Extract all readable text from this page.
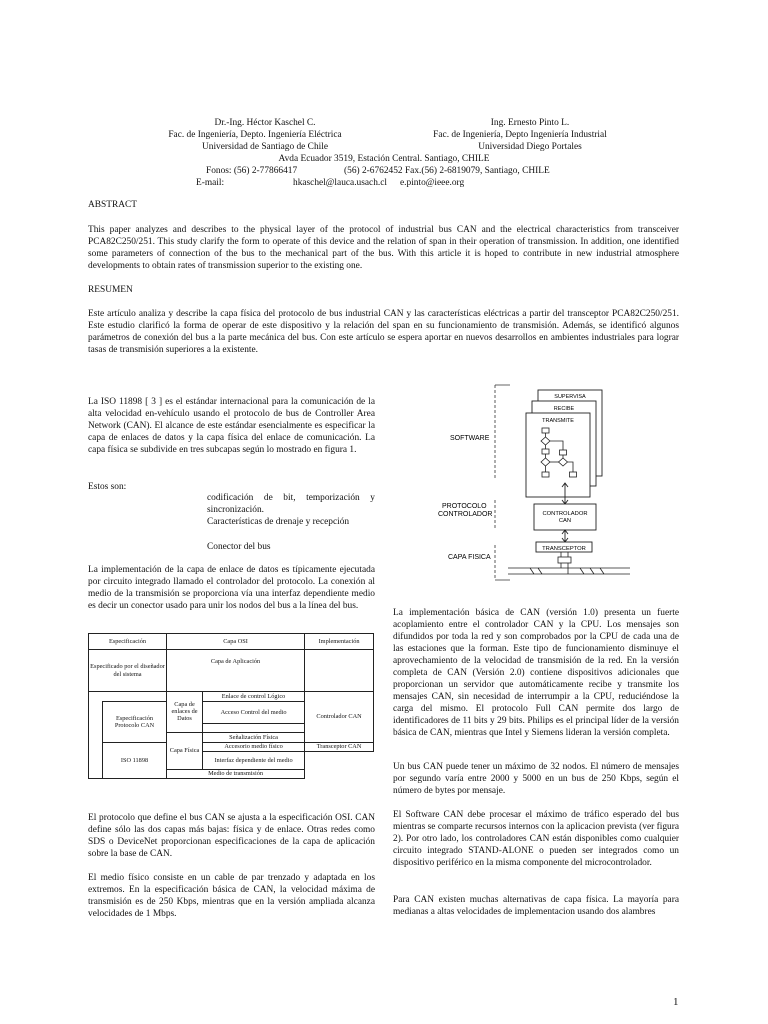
Dr.-Ing. Héctor Kaschel C.	Ing. Ernesto Pinto L.
Fac. de Ingeniería, Depto. Ingeniería Eléctrica	Fac. de Ingeniería, Depto Ingeniería Industrial
Universidad de Santiago de Chile	Universidad Diego Portales
Avda Ecuador 3519, Estación Central. Santiago, CHILE
Fonos: (56) 2-77866417                    (56) 2-6762452 Fax.(56) 2-6819079, Santiago, CHILE
E-mail:	hkaschel@lauca.usach.cl e.pinto@ieee.org
ABSTRACT

This paper analyzes and describes to the physical layer of the protocol of industrial bus CAN and the electrical characteristics from transceiver PCA82C250/251. This study clarify the form to operate of this device and the relation of span in their operation of transmission. In addition, one identified some parameters of connection of the bus to the mechanical part of the bus. With this article it is hoped to contribute in new industrial atmosphere developments to obtain rates of transmission superior to the existing one.

RESUMEN

Este artículo analiza y describe la capa física del protocolo de bus industrial CAN y las características eléctricas a partir del transceptor PCA82C250/251. Este estudio clarificó la forma de operar de este dispositivo y la relación del span en su funcionamiento de transmisión. Además, se identificó algunos parámetros de conexión del bus a la parte mecánica del bus. Con este artículo se espera aportar en nuevos desarrollos en ambientes industriales para lograr tasas de transmisión superiores a la existente.

La ISO 11898 [ 3 ] es el estándar internacional para la comunicación de la alta velocidad en-vehículo usando el protocolo de bus de Controller Area Network (CAN). El alcance de este estándar esencialmente es especificar la capa de enlaces de datos y la capa física del enlace de comunicación. La capa física se subdivide en tres subcapas según lo mostrado en figura 1.

Estos son:

codificación de bit, temporización y sincronización.

Características de drenaje y recepción

Conector del bus

La implementación de la capa de enlace de datos es típicamente ejecutada por circuito integrado llamado el controlador del protocolo. La conexión al medio de la transmisión se proporciona vía una interfaz dependiente medio es decir un conector usado para unir los nodos del bus a la línea del bus.

Especificación			Capa OSI		Implementación
Especificado por el diseñador del sistema			Capa de Aplicación		
			Capa de enlaces de Datos	Enlace de control Lógico	Controlador CAN
	Especificación Protocolo CAN			Acceso Control del medio	

			Capa Física	Señalización Física	
	ISO 11898			Accesorio medio físico	Transceptor CAN
				Interfaz dependiente del medio	
			Medio de transmisión		

El protocolo que define el bus CAN se ajusta a la especificación OSI. CAN define sólo las dos capas más bajas: física y de enlace. Otras redes como SDS o DeviceNet proporcionan especificaciones de la capa de aplicación sobre la base de CAN.

El medio físico consiste en un cable de par trenzado y adaptada en los extremos. En la especificación básica de CAN, la velocidad máxima de transmisión es de 250 Kbps, mientras que en la versión ampliada alcanza velocidades de 1 Mbps.

SUPERVISA
RECIBE
TRANSMITE
SOFTWARE
PROTOCOLO
CONTROLADOR	CONTROLADOR
CAN
TRANSCEPTOR
CAPA FISICA

La implementación básica de CAN (versión 1.0) presenta un fuerte acoplamiento entre el controlador CAN y la CPU. Los mensajes son difundidos por toda la red y son comprobados por la CPU de cada una de las estaciones que la forman. Este tipo de funcionamiento disminuye el aprovechamiento de la velocidad de transmisión de la red. En la versión completa de CAN (Versión 2.0) contiene dispositivos adicionales que proporcionan un servidor que automáticamente recibe y transmite los mensajes CAN, sin necesidad de interrumpir a la CPU, reduciéndose la carga del mismo. El protocolo Full CAN permite dos largo de identificadores de 11 bits y 29 bits. Philips es el principal líder de la versión básica de CAN, mientras que Intel y Siemens lideran la versión completa.

Un bus CAN puede tener un máximo de 32 nodos. El número de mensajes por segundo varía entre 2000 y 5000 en un bus de 250 Kbps, según el número de bytes por mensaje.

El Software CAN debe procesar el máximo de tráfico esperado del bus mientras se comparte recursos internos con la aplicacion prevista (ver figura 2). Por otro lado, los controladores CAN están disponibles como cualquier circuito integrado STAND-ALONE o pueden ser integrados como un dispositivo periférico en la misma componente del microcontrolador.

Para CAN existen muchas alternativas de capa física. La mayoría para medianas a altas velocidades de implementacion usando dos alambres

1
